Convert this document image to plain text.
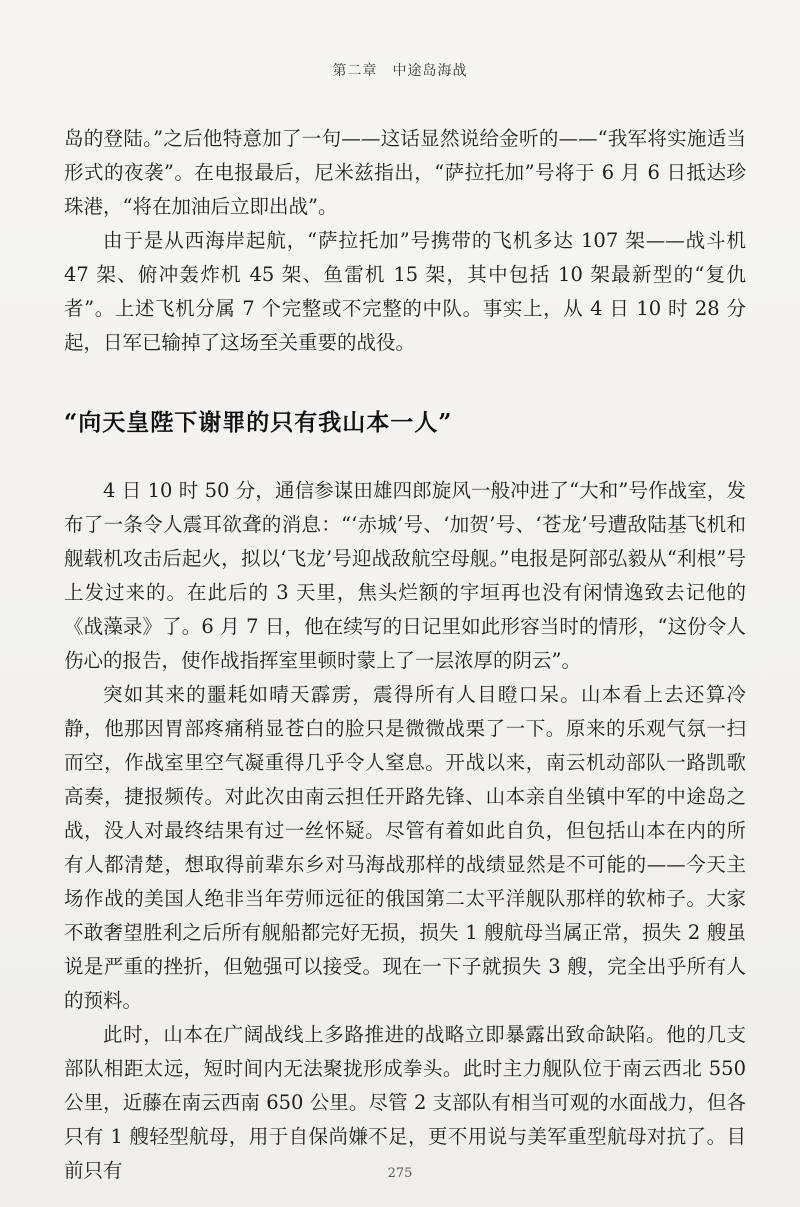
第二章　中途岛海战

岛的登陆。”之后他特意加了一句——这话显然说给金听的——“我军将实施适当形式的夜袭”。在电报最后，尼米兹指出，“萨拉托加”号将于 6 月 6 日抵达珍珠港，“将在加油后立即出战”。

由于是从西海岸起航，“萨拉托加”号携带的飞机多达 107 架——战斗机 47 架、俯冲轰炸机 45 架、鱼雷机 15 架，其中包括 10 架最新型的“复仇者”。上述飞机分属 7 个完整或不完整的中队。事实上，从 4 日 10 时 28 分起，日军已输掉了这场至关重要的战役。

“向天皇陛下谢罪的只有我山本一人”

4 日 10 时 50 分，通信参谋田雄四郎旋风一般冲进了“大和”号作战室，发布了一条令人震耳欲聋的消息：“‘赤城’号、‘加贺’号、‘苍龙’号遭敌陆基飞机和舰载机攻击后起火，拟以‘飞龙’号迎战敌航空母舰。”电报是阿部弘毅从“利根”号上发过来的。在此后的 3 天里，焦头烂额的宇垣再也没有闲情逸致去记他的《战藻录》了。6 月 7 日，他在续写的日记里如此形容当时的情形，“这份令人伤心的报告，使作战指挥室里顿时蒙上了一层浓厚的阴云”。

突如其来的噩耗如晴天霹雳，震得所有人目瞪口呆。山本看上去还算冷静，他那因胃部疼痛稍显苍白的脸只是微微战栗了一下。原来的乐观气氛一扫而空，作战室里空气凝重得几乎令人窒息。开战以来，南云机动部队一路凯歌高奏，捷报频传。对此次由南云担任开路先锋、山本亲自坐镇中军的中途岛之战，没人对最终结果有过一丝怀疑。尽管有着如此自负，但包括山本在内的所有人都清楚，想取得前辈东乡对马海战那样的战绩显然是不可能的——今天主场作战的美国人绝非当年劳师远征的俄国第二太平洋舰队那样的软柿子。大家不敢奢望胜利之后所有舰船都完好无损，损失 1 艘航母当属正常，损失 2 艘虽说是严重的挫折，但勉强可以接受。现在一下子就损失 3 艘，完全出乎所有人的预料。

此时，山本在广阔战线上多路推进的战略立即暴露出致命缺陷。他的几支部队相距太远，短时间内无法聚拢形成拳头。此时主力舰队位于南云西北 550 公里，近藤在南云西南 650 公里。尽管 2 支部队有相当可观的水面战力，但各只有 1 艘轻型航母，用于自保尚嫌不足，更不用说与美军重型航母对抗了。目前只有	275
